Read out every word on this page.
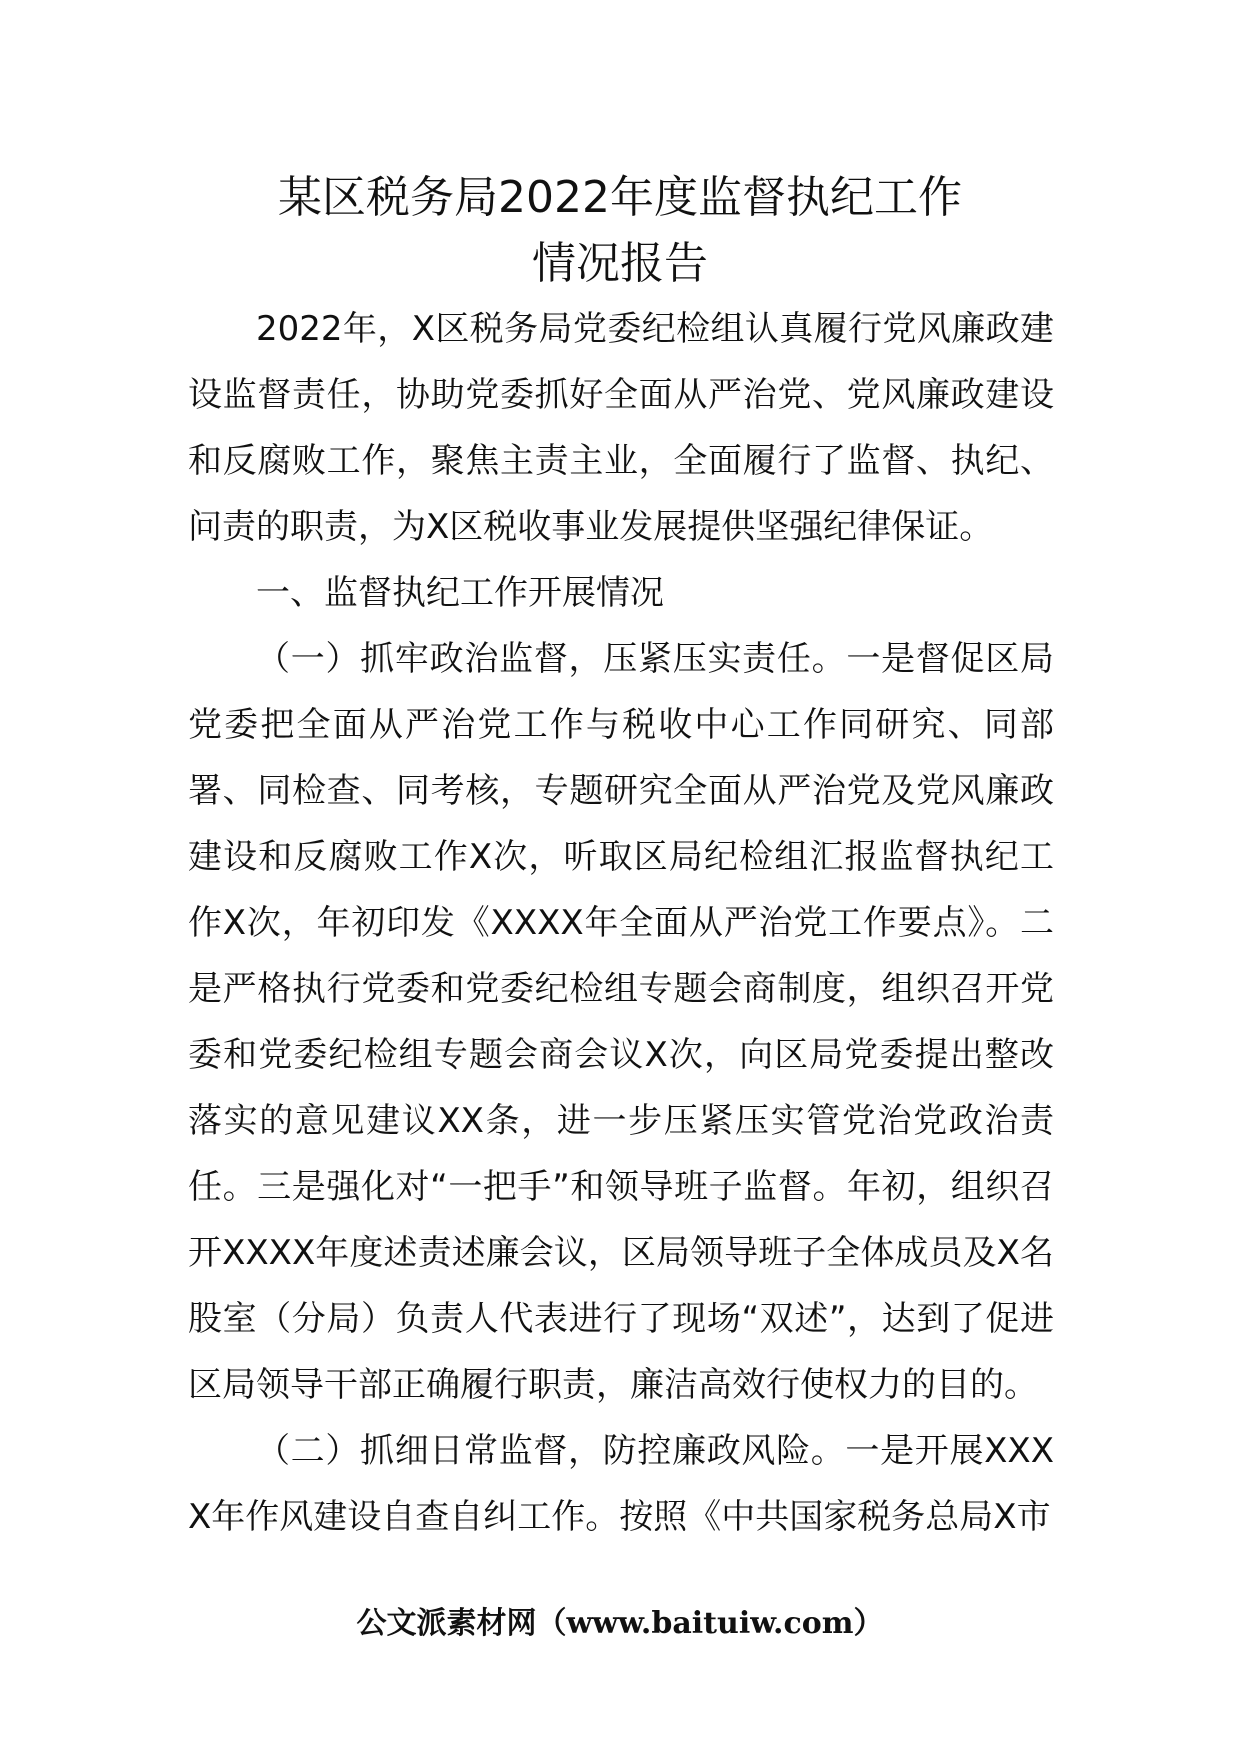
某区税务局2022年度监督执纪工作
情况报告

2022年，X区税务局党委纪检组认真履行党风廉政建设监督责任，协助党委抓好全面从严治党、党风廉政建设和反腐败工作，聚焦主责主业，全面履行了监督、执纪、问责的职责，为X区税收事业发展提供坚强纪律保证。

一、监督执纪工作开展情况

（一）抓牢政治监督，压紧压实责任。一是督促区局党委把全面从严治党工作与税收中心工作同研究、同部署、同检查、同考核，专题研究全面从严治党及党风廉政建设和反腐败工作X次，听取区局纪检组汇报监督执纪工作X次，年初印发《XXXX年全面从严治党工作要点》。二是严格执行党委和党委纪检组专题会商制度，组织召开党委和党委纪检组专题会商会议X次，向区局党委提出整改落实的意见建议XX条，进一步压紧压实管党治党政治责任。三是强化对“一把手”和领导班子监督。年初，组织召开XXXX年度述责述廉会议，区局领导班子全体成员及X名股室（分局）负责人代表进行了现场“双述”，达到了促进区局领导干部正确履行职责，廉洁高效行使权力的目的。

（二）抓细日常监督，防控廉政风险。一是开展XXXX年作风建设自查自纠工作。按照《中共国家税务总局X市

公文派素材网（www.baituiw.com）
